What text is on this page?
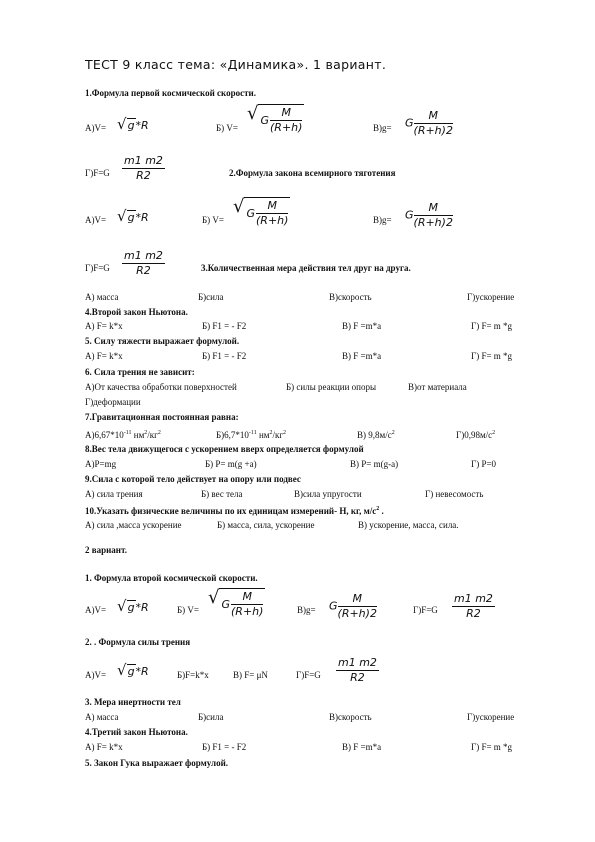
ТЕСТ 9 класс тема: «Динамика». 1 вариант.
1.Формула первой космической скорости.
А)V= √ g *R	Б) V=
√ G $\frac{M}{(R+h)}$	В)g= G $\frac{M}{(R+h)2}$
$Г)F=G \frac{m1 m2}{R2}$	2.Формула закона всемирного тяготения
А)V= √ g *R	Б) V=
√ G $\frac{M}{(R+h)}$	В)g= G $\frac{M}{(R+h)2}$
$Г)F=G \frac{m1 m2}{R2}$	3.Количественная мера действия тел друг на друга.
А) масса	Б)сила	В)скорость	Г)ускорение
4.Второй закон Ньютона.
А) F= k*x	Б) F1 = - F2	В) F =m*a	Г) F= m *g
5. Силу тяжести выражает формулой.
А) F= k*x	Б) F1 = - F2	В) F =m*a	Г) F= m *g
6. Сила трения не зависит:
А)От качества обработки поверхностей	Б) силы реакции опоры	В)от материала
Г)деформации
7.Гравитационная постоянная равна:
$А)6,67*10^{-11}$ $нм^2/кг^2$	$Б)6,7*10^{-11}$ $нм^2/кг^2$	В) $9,8м/с^2$	$Г)0,98м/с^2$
8.Вес тела движущегося с ускорением вверх определяется формулой
А)P=mg	Б) P= m(g +a)	В) P= m(g-a)	Г) P=0
9.Сила с которой тело действует на опору или подвес
А) сила трения	Б) вес тела	В)сила упругости	Г) невесомость
10.Указать физические величины по их единицам измерений- Н, кг, $м/с^2$ .
А) сила ,масса ускорение	Б) масса, сила, ускорение	В) ускорение, масса, сила.
2 вариант.
1. Формула второй космической скорости.
А)V= √ g *R	Б) V=
√ G $\frac{M}{(R+h)}$	В)g= G $\frac{M}{(R+h)2}$	$Г)F=G \frac{m1 m2}{R2}$
2. . Формула силы трения
А)V= √ g *R	Б)F=k*x	В) F= μN	$Г)F=G \frac{m1 m2}{R2}$
3. Мера инертности тел
А) масса	Б)сила	В)скорость	Г)ускорение
4.Третий закон Ньютона.
А) F= k*x	Б) F1 = - F2	В) F =m*a	Г) F= m *g
5. Закон Гука выражает формулой.
